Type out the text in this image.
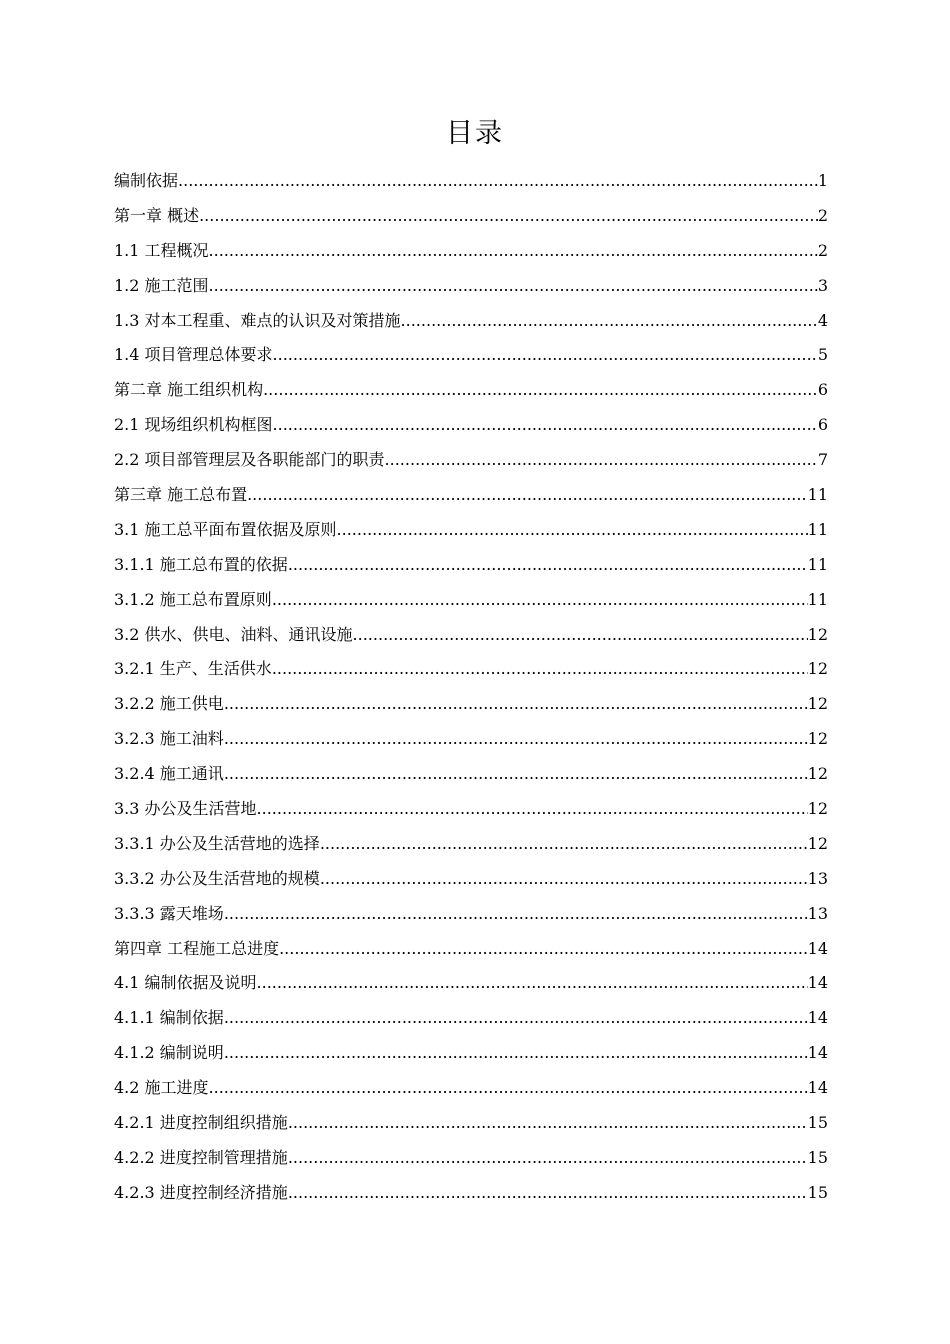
目录
编制依据 .....	1
第一章 概述 .....	2
1.1 工程概况 .....	2
1.2 施工范围 .....	3
1.3 对本工程重、难点的认识及对策措施 .....	4
1.4 项目管理总体要求 .....	5
第二章 施工组织机构 .....	6
2.1 现场组织机构框图 .....	6
2.2 项目部管理层及各职能部门的职责 .....	7
第三章 施工总布置 .....	11
3.1 施工总平面布置依据及原则 .....	11
3.1.1 施工总布置的依据 .....	11
3.1.2 施工总布置原则 .....	11
3.2 供水、供电、油料、通讯设施 .....	12
3.2.1 生产、生活供水 .....	12
3.2.2 施工供电 .....	12
3.2.3 施工油料 .....	12
3.2.4 施工通讯 .....	12
3.3 办公及生活营地 .....	12
3.3.1 办公及生活营地的选择 .....	12
3.3.2 办公及生活营地的规模 .....	13
3.3.3 露天堆场 .....	13
第四章 工程施工总进度 .....	14
4.1 编制依据及说明 .....	14
4.1.1 编制依据 .....	14
4.1.2 编制说明 .....	14
4.2 施工进度 .....	14
4.2.1 进度控制组织措施 .....	15
4.2.2 进度控制管理措施 .....	15
4.2.3 进度控制经济措施 .....	15
